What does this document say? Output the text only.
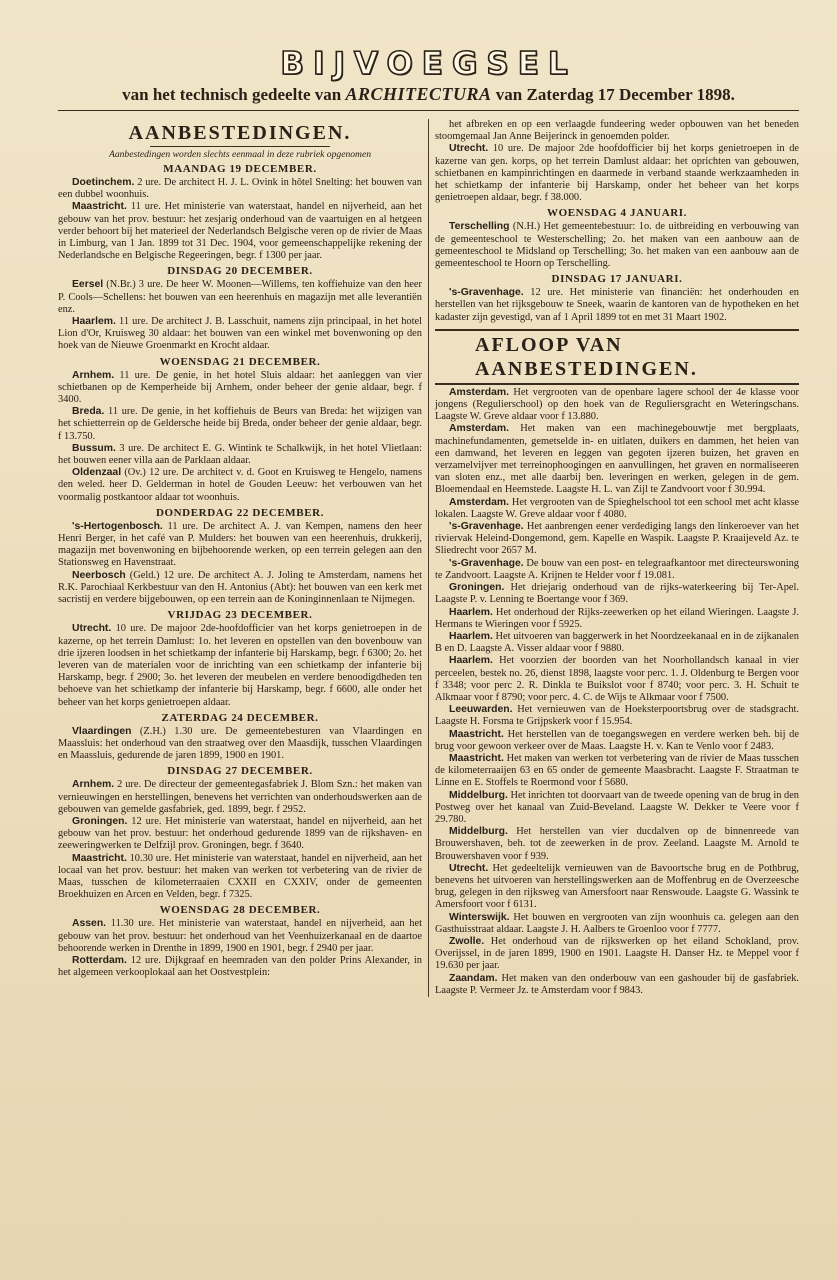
BIJVOEGSEL
van het technisch gedeelte van ARCHITECTURA van Zaterdag 17 December 1898.
AANBESTEDINGEN.
Aanbestedingen worden slechts eenmaal in deze rubriek opgenomen
MAANDAG 19 DECEMBER.

Doetinchem. 2 ure. De architect H. J. L. Ovink in hôtel Snelting: het bouwen van een dubbel woonhuis.

Maastricht. 11 ure. Het ministerie van waterstaat, handel en nijverheid, aan het gebouw van het prov. bestuur: het zesjarig onderhoud van de vaartuigen en al hetgeen verder behoort bij het materieel der Nederlandsch Belgische veren op de rivier de Maas in Limburg, van 1 Jan. 1899 tot 31 Dec. 1904, voor gemeenschappelijke rekening der Nederlandsche en Belgische Regeeringen, begr. f 1300 per jaar.

DINSDAG 20 DECEMBER.

Eersel (N.Br.) 3 ure. De heer W. Moonen—Willems, ten koffiehuize van den heer P. Cools—Schellens: het bouwen van een heerenhuis en magazijn met alle leverantiën enz.

Haarlem. 11 ure. De architect J. B. Lasschuit, namens zijn principaal, in het hotel Lion d'Or, Kruisweg 30 aldaar: het bouwen van een winkel met bovenwoning op den hoek van de Nieuwe Groenmarkt en Krocht aldaar.

WOENSDAG 21 DECEMBER.

Arnhem. 11 ure. De genie, in het hotel Sluis aldaar: het aanleggen van vier schietbanen op de Kemperheide bij Arnhem, onder beheer der genie aldaar, begr. f 3400.

Breda. 11 ure. De genie, in het koffiehuis de Beurs van Breda: het wijzigen van het schietterrein op de Geldersche heide bij Breda, onder beheer der genie aldaar, begr. f 13.750.

Bussum. 3 ure. De architect E. G. Wintink te Schalkwijk, in het hotel Vlietlaan: het bouwen eener villa aan de Parklaan aldaar.

Oldenzaal (Ov.) 12 ure. De architect v. d. Goot en Kruisweg te Hengelo, namens den weled. heer D. Gelderman in hotel de Gouden Leeuw: het verbouwen van het voormalig postkantoor aldaar tot woonhuis.

DONDERDAG 22 DECEMBER.

's-Hertogenbosch. 11 ure. De architect A. J. van Kempen, namens den heer Henri Berger, in het café van P. Mulders: het bouwen van een heerenhuis, drukkerij, magazijn met bovenwoning en bijbehoorende werken, op een terrein gelegen aan den Stationsweg en Havenstraat.

Neerbosch (Geld.) 12 ure. De architect A. J. Joling te Amsterdam, namens het R.K. Parochiaal Kerkbestuur van den H. Antonius (Abt): het bouwen van een kerk met sacristij en verdere bijgebouwen, op een terrein aan de Koninginnenlaan te Nijmegen.

VRIJDAG 23 DECEMBER.

Utrecht. 10 ure. De majoor 2de-hoofdofficier van het korps genietroepen in de kazerne, op het terrein Damlust: 1o. het leveren en opstellen van den bovenbouw van drie ijzeren loodsen in het schietkamp der infanterie bij Harskamp, begr. f 6300; 2o. het leveren van de materialen voor de inrichting van een schietkamp der infanterie bij Harskamp, begr. f 2900; 3o. het leveren der meubelen en verdere benoodigdheden ten behoeve van het schietkamp der infanterie bij Harskamp, begr. f 6600, alle onder het beheer van het korps genietroepen aldaar.

ZATERDAG 24 DECEMBER.

Vlaardingen (Z.H.) 1.30 ure. De gemeentebesturen van Vlaardingen en Maassluis: het onderhoud van den straatweg over den Maasdijk, tusschen Vlaardingen en Maassluis, gedurende de jaren 1899, 1900 en 1901.

DINSDAG 27 DECEMBER.

Arnhem. 2 ure. De directeur der gemeentegasfabriek J. Blom Szn.: het maken van vernieuwingen en herstellingen, benevens het verrichten van onderhoudswerken aan de gebouwen van gemelde gasfabriek, ged. 1899, begr. f 2952.

Groningen. 12 ure. Het ministerie van waterstaat, handel en nijverheid, aan het gebouw van het prov. bestuur: het onderhoud gedurende 1899 van de rijkshaven- en zeeweringwerken te Delfzijl prov. Groningen, begr. f 3640.

Maastricht. 10.30 ure. Het ministerie van waterstaat, handel en nijverheid, aan het locaal van het prov. bestuur: het maken van werken tot verbetering van de rivier de Maas, tusschen de kilometerraaien CXXII en CXXIV, onder de gemeenten Broekhuizen en Arcen en Velden, begr. f 7325.

WOENSDAG 28 DECEMBER.

Assen. 11.30 ure. Het ministerie van waterstaat, handel en nijverheid, aan het gebouw van het prov. bestuur: het onderhoud van het Veenhuizerkanaal en de daartoe behoorende werken in Drenthe in 1899, 1900 en 1901, begr. f 2940 per jaar.

Rotterdam. 12 ure. Dijkgraaf en heemraden van den polder Prins Alexander, in het algemeen verkooplokaal aan het Oostvestplein:

het afbreken en op een verlaagde fundeering weder opbouwen van het beneden stoomgemaal Jan Anne Beijerinck in genoemden polder.

Utrecht. 10 ure. De majoor 2de hoofdofficier bij het korps genietroepen in de kazerne van gen. korps, op het terrein Damlust aldaar: het oprichten van gebouwen, schietbanen en kampinrichtingen en daarmede in verband staande werkzaamheden in het schietkamp der infanterie bij Harskamp, onder het beheer van het korps genietroepen aldaar, begr. f 38.000.

WOENSDAG 4 JANUARI.

Terschelling (N.H.) Het gemeentebestuur: 1o. de uitbreiding en verbouwing van de gemeenteschool te Westerschelling; 2o. het maken van een aanbouw aan de gemeenteschool te Midsland op Terschelling; 3o. het maken van een aanbouw aan de gemeenteschool te Hoorn op Terschelling.

DINSDAG 17 JANUARI.

's-Gravenhage. 12 ure. Het ministerie van financiën: het onderhouden en herstellen van het rijksgebouw te Sneek, waarin de kantoren van de hypotheken en het kadaster zijn gevestigd, van af 1 April 1899 tot en met 31 Maart 1902.

AFLOOP VAN AANBESTEDINGEN.

Amsterdam. Het vergrooten van de openbare lagere school der 4e klasse voor jongens (Regulierschool) op den hoek van de Reguliersgracht en Weteringschans. Laagste W. Greve aldaar voor f 13.880.

Amsterdam. Het maken van een machinegebouwtje met bergplaats, machinefundamenten, gemetselde in- en uitlaten, duikers en dammen, het heien van een damwand, het leveren en leggen van gegoten ijzeren buizen, het graven en verzamelvijver met terreinophoogingen en aanvullingen, het graven en normaliseeren van sloten enz., met alle daarbij ben. leveringen en werken, gelegen in de gem. Bloemendaal en Heemstede. Laagste H. L. van Zijl te Zandvoort voor f 30.994.

Amsterdam. Het vergrooten van de Spieghelschool tot een school met acht klasse lokalen. Laagste W. Greve aldaar voor f 4080.

's-Gravenhage. Het aanbrengen eener verdediging langs den linkeroever van het riviervak Heleind-Dongemond, gem. Kapelle en Waspik. Laagste P. Kraaijeveld Az. te Sliedrecht voor 2657 M.

's-Gravenhage. De bouw van een post- en telegraafkantoor met directeurswoning te Zandvoort. Laagste A. Krijnen te Helder voor f 19.081.

Groningen. Het driejarig onderhoud van de rijks-waterkeering bij Ter-Apel. Laagste P. v. Lenning te Boertange voor f 369.

Haarlem. Het onderhoud der Rijks-zeewerken op het eiland Wieringen. Laagste J. Hermans te Wieringen voor f 5925.

Haarlem. Het uitvoeren van baggerwerk in het Noordzeekanaal en in de zijkanalen B en D. Laagste A. Visser aldaar voor f 9880.

Haarlem. Het voorzien der boorden van het Noorhollandsch kanaal in vier perceelen, bestek no. 26, dienst 1898, laagste voor perc. 1. J. Oldenburg te Bergen voor f 3348; voor perc 2. R. Dinkla te Buikslot voor f 8740; voor perc. 3. H. Schuit te Alkmaar voor f 8790; voor perc. 4. C. de Wijs te Alkmaar voor f 7500.

Leeuwarden. Het vernieuwen van de Hoeksterpoortsbrug over de stadsgracht. Laagste H. Forsma te Grijpskerk voor f 15.954.

Maastricht. Het herstellen van de toegangswegen en verdere werken beh. bij de brug voor gewoon verkeer over de Maas. Laagste H. v. Kan te Venlo voor f 2483.

Maastricht. Het maken van werken tot verbetering van de rivier de Maas tusschen de kilometerraaijen 63 en 65 onder de gemeente Maasbracht. Laagste F. Straatman te Linne en E. Stoffels te Roermond voor f 5680.

Middelburg. Het inrichten tot doorvaart van de tweede opening van de brug in den Postweg over het kanaal van Zuid-Beveland. Laagste W. Dekker te Veere voor f 29.780.

Middelburg. Het herstellen van vier ducdalven op de binnenreede van Brouwershaven, beh. tot de zeewerken in de prov. Zeeland. Laagste M. Arnold te Brouwershaven voor f 939.

Utrecht. Het gedeeltelijk vernieuwen van de Bavoortsche brug en de Pothbrug, benevens het uitvoeren van herstellingswerken aan de Moffenbrug en de Overzeesche brug, gelegen in den rijksweg van Amersfoort naar Renswoude. Laagste G. Wassink te Amersfoort voor f 6131.

Winterswijk. Het bouwen en vergrooten van zijn woonhuis ca. gelegen aan den Gasthuisstraat aldaar. Laagste J. H. Aalbers te Groenloo voor f 7777.

Zwolle. Het onderhoud van de rijkswerken op het eiland Schokland, prov. Overijssel, in de jaren 1899, 1900 en 1901. Laagste H. Danser Hz. te Meppel voor f 19.630 per jaar.

Zaandam. Het maken van den onderbouw van een gashouder bij de gasfabriek. Laagste P. Vermeer Jz. te Amsterdam voor f 9843.
